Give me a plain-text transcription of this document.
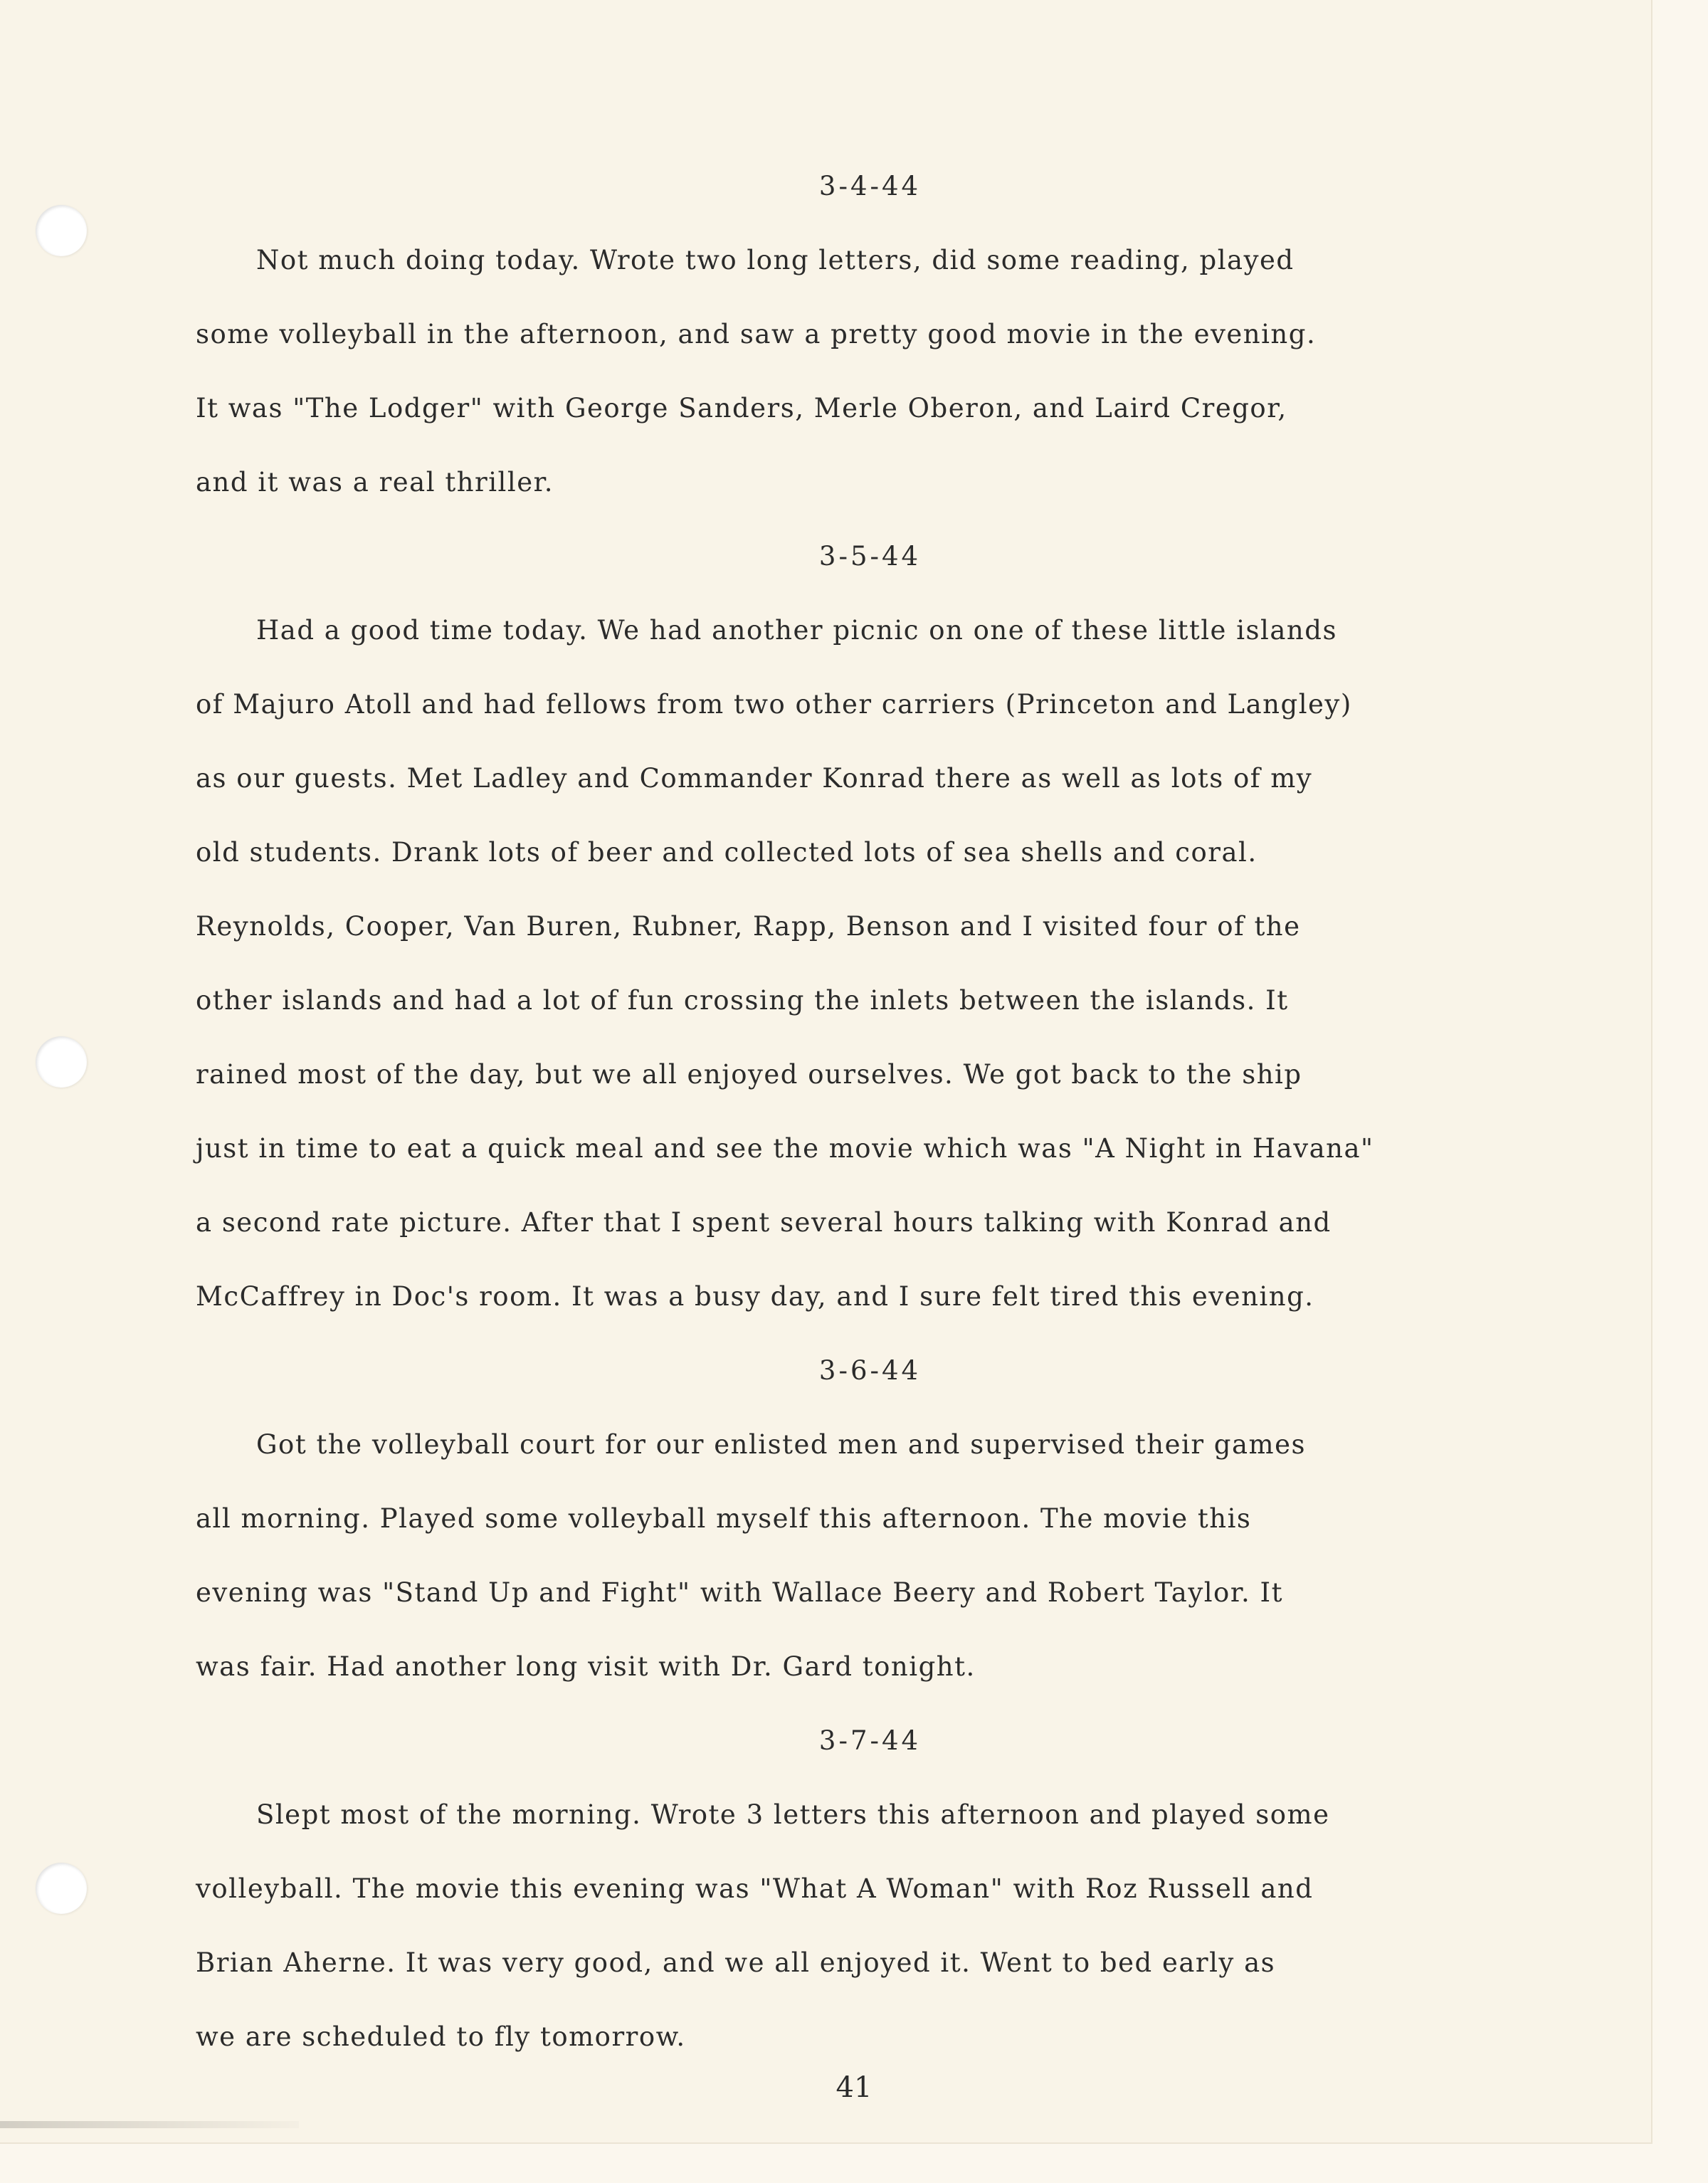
3-4-44
Not much doing today. Wrote two long letters, did some reading, played
some volleyball in the afternoon, and saw a pretty good movie in the evening.
It was "The Lodger" with George Sanders, Merle Oberon, and Laird Cregor,
and it was a real thriller.
3-5-44
Had a good time today. We had another picnic on one of these little islands
of Majuro Atoll and had fellows from two other carriers (Princeton and Langley)
as our guests. Met Ladley and Commander Konrad there as well as lots of my
old students. Drank lots of beer and collected lots of sea shells and coral.
Reynolds, Cooper, Van Buren, Rubner, Rapp, Benson and I visited four of the
other islands and had a lot of fun crossing the inlets between the islands. It
rained most of the day, but we all enjoyed ourselves. We got back to the ship
just in time to eat a quick meal and see the movie which was "A Night in Havana"
a second rate picture. After that I spent several hours talking with Konrad and
McCaffrey in Doc's room. It was a busy day, and I sure felt tired this evening.
3-6-44
Got the volleyball court for our enlisted men and supervised their games
all morning. Played some volleyball myself this afternoon. The movie this
evening was "Stand Up and Fight" with Wallace Beery and Robert Taylor. It
was fair. Had another long visit with Dr. Gard tonight.
3-7-44
Slept most of the morning. Wrote 3 letters this afternoon and played some
volleyball. The movie this evening was "What A Woman" with Roz Russell and
Brian Aherne. It was very good, and we all enjoyed it. Went to bed early as
we are scheduled to fly tomorrow.
41
